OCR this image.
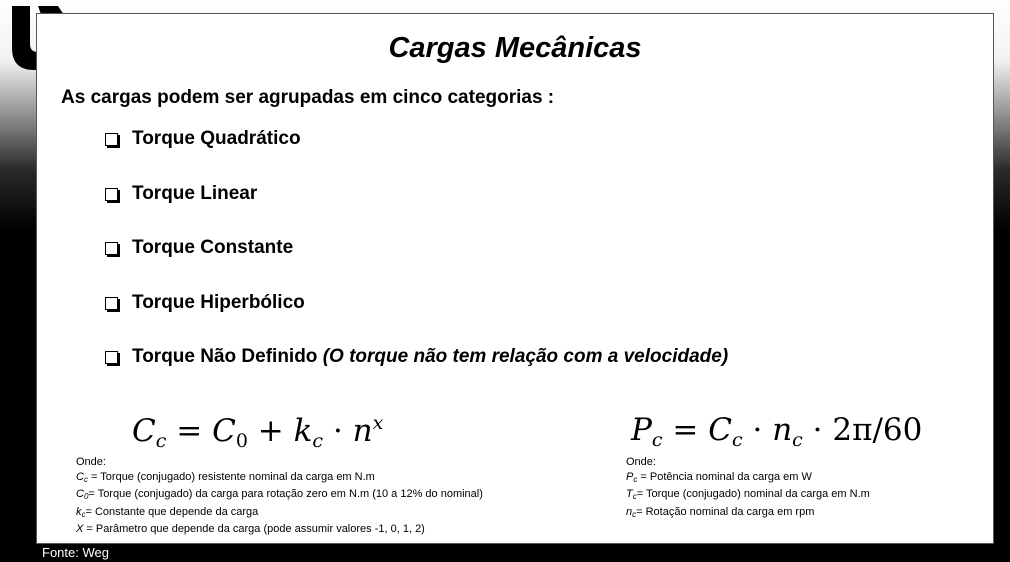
Cargas Mecânicas
As cargas podem ser agrupadas em cinco categorias :
Torque Quadrático
Torque Linear
Torque Constante
Torque Hiperbólico
Torque Não Definido
(O torque não tem relação com a velocidade)
$C_c = C_0 + k_c \cdot n^x$	$P_c = C_c \cdot n_c \cdot 2\pi/60$
Onde:
$C_c$ = Torque (conjugado) resistente nominal da carga em N.m
$C_0=$ Torque (conjugado) da carga para rotação zero em N.m (10 a 12% do nominal)
$k_c=$ Constante que depende da carga
X = Parâmetro que depende da carga (pode assumir valores -1, 0, 1, 2)
Onde:
$P_c$ = Potência nominal da carga em W
$T_c=$ Torque (conjugado) nominal da carga em N.m
$n_c=$ Rotação nominal da carga em rpm
Fonte: Weg
